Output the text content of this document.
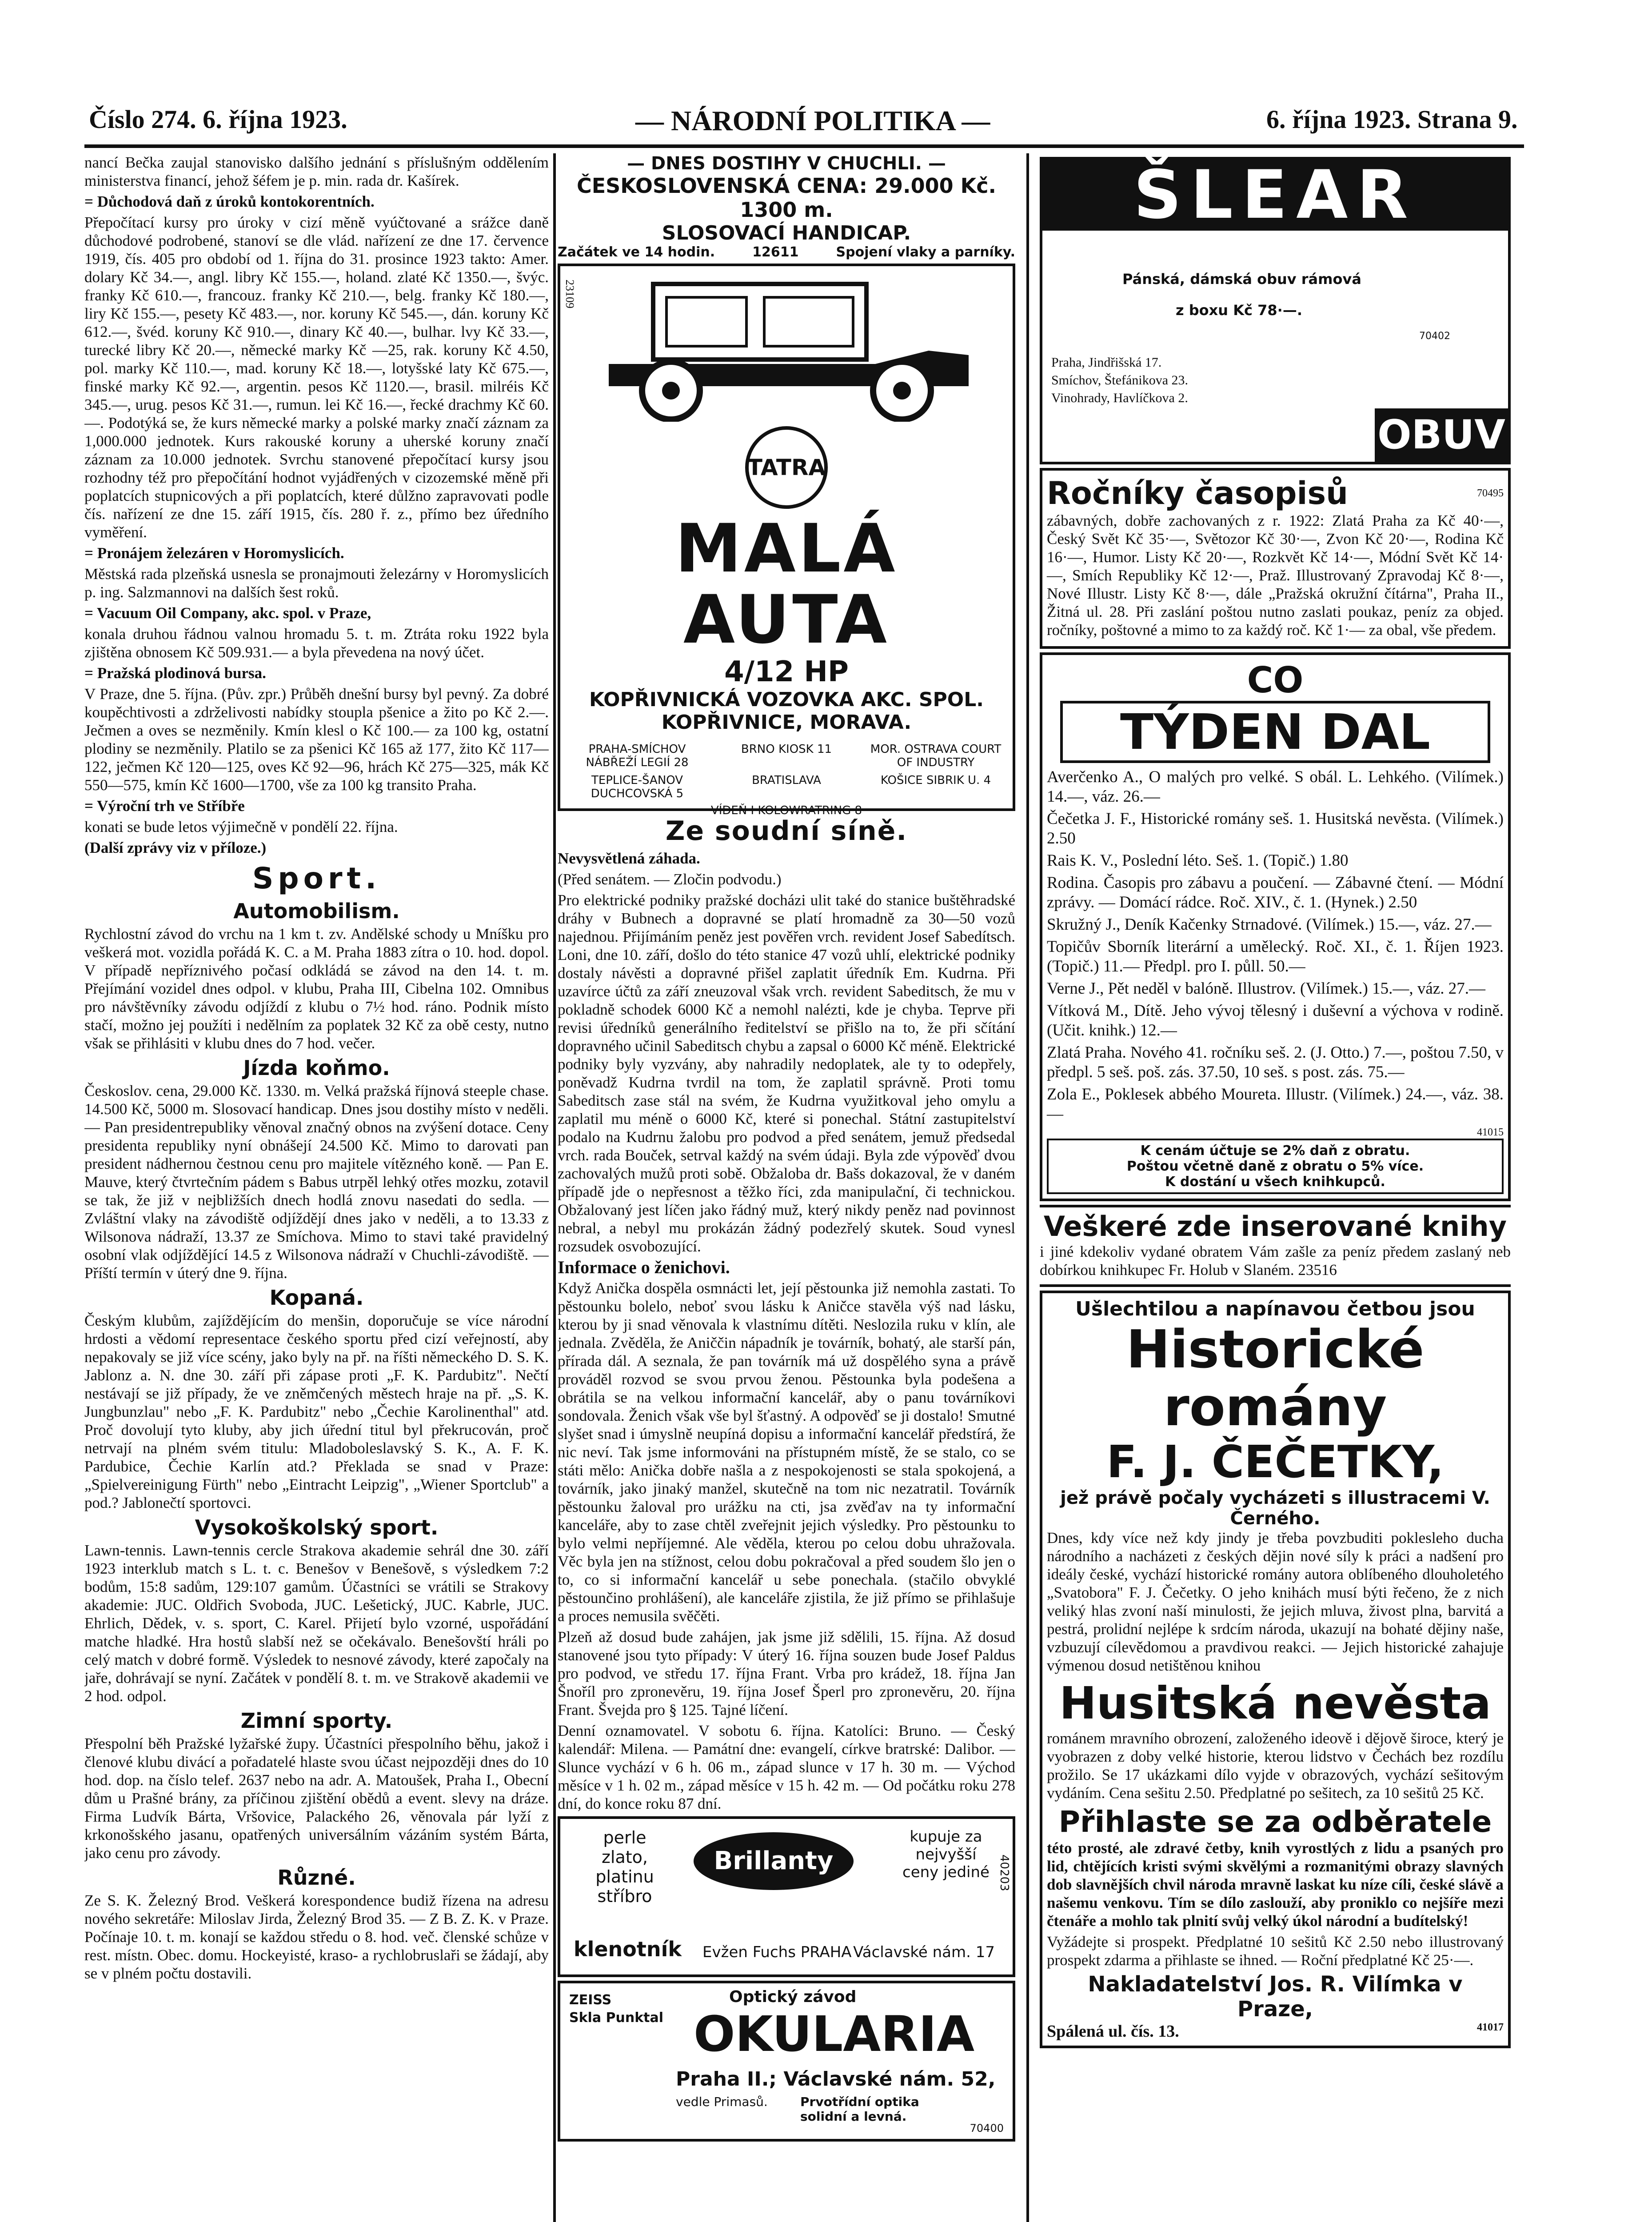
Číslo 274. 6. října 1923.	— NÁRODNÍ POLITIKA —	6. října 1923. Strana 9.

nancí Bečka zaujal stanovisko dalšího jednání s příslušným oddělením ministerstva financí, jehož šéfem je p. min. rada dr. Kašírek.

= Důchodová daň z úroků kontokorentních.

Přepočítací kursy pro úroky v cizí měně vyúčtované a srážce daně důchodové podrobené, stanoví se dle vlád. nařízení ze dne 17. července 1919, čís. 405 pro období od 1. října do 31. prosince 1923 takto: Amer. dolary Kč 34.—, angl. libry Kč 155.—, holand. zlaté Kč 1350.—, švýc. franky Kč 610.—, francouz. franky Kč 210.—, belg. franky Kč 180.—, liry Kč 155.—, pesety Kč 483.—, nor. koruny Kč 545.—, dán. koruny Kč 612.—, švéd. koruny Kč 910.—, dinary Kč 40.—, bulhar. lvy Kč 33.—, turecké libry Kč 20.—, německé marky Kč —25, rak. koruny Kč 4.50, pol. marky Kč 110.—, mad. koruny Kč 18.—, lotyšské laty Kč 675.—, finské marky Kč 92.—, argentin. pesos Kč 1120.—, brasil. milréis Kč 345.—, urug. pesos Kč 31.—, rumun. lei Kč 16.—, řecké drachmy Kč 60.—. Podotýká se, že kurs německé marky a polské marky značí záznam za 1,000.000 jednotek. Kurs rakouské koruny a uherské koruny značí záznam za 10.000 jednotek. Svrchu stanovené přepočítací kursy jsou rozhodny též pro přepočítání hodnot vyjádřených v cizozemské měně při poplatcích stupnicových a při poplatcích, které důlžno zapravovati podle čís. nařízení ze dne 15. září 1915, čís. 280 ř. z., přímo bez úředního vyměření.

= Pronájem železáren v Horomyslicích.

Městská rada plzeňská usnesla se pronajmouti železárny v Horomyslicích p. ing. Salzmannovi na dalších šest roků.

= Vacuum Oil Company, akc. spol. v Praze,

konala druhou řádnou valnou hromadu 5. t. m. Ztráta roku 1922 byla zjištěna obnosem Kč 509.931.— a byla převedena na nový účet.

= Pražská plodinová bursa.

V Praze, dne 5. října. (Pův. zpr.) Průběh dnešní bursy byl pevný. Za dobré koupěchtivosti a zdrželivosti nabídky stoupla pšenice a žito po Kč 2.—. Ječmen a oves se nezměnily. Kmín klesl o Kč 100.— za 100 kg, ostatní plodiny se nezměnily. Platilo se za pšenici Kč 165 až 177, žito Kč 117—122, ječmen Kč 120—125, oves Kč 92—96, hrách Kč 275—325, mák Kč 550—575, kmín Kč 1600—1700, vše za 100 kg transito Praha.

= Výroční trh ve Stříbře

konati se bude letos výjimečně v pondělí 22. října.

(Další zprávy viz v příloze.)

Sport.
Automobilism.

Rychlostní závod do vrchu na 1 km t. zv. Andělské schody u Mníšku pro veškerá mot. vozidla pořádá K. C. a M. Praha 1883 zítra o 10. hod. dopol. V případě nepříznivého počasí odkládá se závod na den 14. t. m. Přejímání vozidel dnes odpol. v klubu, Praha III, Cibelna 102. Omnibus pro návštěvníky závodu odjíždí z klubu o 7½ hod. ráno. Podnik místo stačí, možno jej použíti i nedělním za poplatek 32 Kč za obě cesty, nutno však se přihlásiti v klubu dnes do 7 hod. večer.

Jízda koňmo.

Českoslov. cena, 29.000 Kč. 1330. m. Velká pražská říjnová steeple chase. 14.500 Kč, 5000 m. Slosovací handicap. Dnes jsou dostihy místo v neděli. — Pan presidentrepubliky věnoval značný obnos na zvýšení dotace. Ceny presidenta republiky nyní obnášejí 24.500 Kč. Mimo to darovati pan president nádhernou čestnou cenu pro majitele vítězného koně. — Pan E. Mauve, který čtvrtečním pádem s Babus utrpěl lehký otřes mozku, zotavil se tak, že již v nejbližších dnech hodlá znovu nasedati do sedla. — Zvláštní vlaky na závodiště odjíždějí dnes jako v neděli, a to 13.33 z Wilsonova nádraží, 13.37 ze Smíchova. Mimo to stavi také pravidelný osobní vlak odjíždějící 14.5 z Wilsonova nádraží v Chuchli-závodiště. — Příští termín v úterý dne 9. října.

Kopaná.

Českým klubům, zajíždějícím do menšin, doporučuje se více národní hrdosti a vědomí representace českého sportu před cizí veřejností, aby nepakovaly se již více scény, jako byly na př. na říšti německého D. S. K. Jablonz a. N. dne 30. září při zápase proti „F. K. Pardubitz". Nečtí nestávají se již případy, že ve zněmčených městech hraje na př. „S. K. Jungbunzlau" nebo „F. K. Pardubitz" nebo „Čechie Karolinenthal" atd. Proč dovolují tyto kluby, aby jich úřední titul byl překrucován, proč netrvají na plném svém titulu: Mladoboleslavský S. K., A. F. K. Pardubice, Čechie Karlín atd.? Překlada se snad v Praze: „Spielvereinigung Fürth" nebo „Eintracht Leipzig", „Wiener Sportclub" a pod.? Jablonečtí sportovci.

Vysokoškolský sport.

Lawn-tennis. Lawn-tennis cercle Strakova akademie sehrál dne 30. září 1923 interklub match s L. t. c. Benešov v Benešově, s výsledkem 7:2 bodům, 15:8 sadům, 129:107 gamům. Účastníci se vrátili se Strakovy akademie: JUC. Oldřich Svoboda, JUC. Lešetický, JUC. Kabrle, JUC. Ehrlich, Dědek, v. s. sport, C. Karel. Přijetí bylo vzorné, uspořádání matche hladké. Hra hostů slabší než se očekávalo. Benešovští hráli po celý match v dobré formě. Výsledek to nesnové závody, které započaly na jaře, dohrávají se nyní. Začátek v pondělí 8. t. m. ve Strakově akademii ve 2 hod. odpol.

Zimní sporty.

Přespolní běh Pražské lyžařské župy. Účastníci přespolního běhu, jakož i členové klubu divácí a pořadatelé hlaste svou účast nejpozději dnes do 10 hod. dop. na číslo telef. 2637 nebo na adr. A. Matoušek, Praha I., Obecní dům u Prašné brány, za příčinou zjištění obědů a event. slevy na dráze. Firma Ludvík Bárta, Vršovice, Palackého 26, věnovala pár lyží z krkonošského jasanu, opatřených universálním vázáním systém Bárta, jako cenu pro závody.

Různé.

Ze S. K. Železný Brod. Veškerá korespondence budiž řízena na adresu nového sekretáře: Miloslav Jirda, Železný Brod 35. — Z B. Z. K. v Praze. Počínaje 10. t. m. konají se každou středu o 8. hod. več. členské schůze v rest. místn. Obec. domu. Hockeyisté, kraso- a rychlobruslaři se žádají, aby se v plném počtu dostavili.

— DNES DOSTIHY V CHUCHLI. —
ČESKOSLOVENSKÁ CENA: 29.000 Kč. 1300 m.
SLOSOVACÍ HANDICAP.
Začátek ve 14 hodin.	12611	Spojení vlaky a parníky.
23109
TATRA
MALÁ AUTA
4/12 HP
KOPŘIVNICKÁ VOZOVKA AKC. SPOL.
KOPŘIVNICE, MORAVA.
PRAHA-SMÍCHOV NÁBŘEŽÍ LEGIÍ 28
BRNO KIOSK 11	MOR. OSTRAVA COURT OF INDUSTRY
TEPLICE-ŠANOV DUCHCOVSKÁ 5
BRATISLAVA	KOŠICE SIBRIK U. 4
VÍDEŇ I KOLOWRATRING 8
Ze soudní síně.

Nevysvětlená záhada.

(Před senátem. — Zločin podvodu.)

Pro elektrické podniky pražské docházi ulit také do stanice buštěhradské dráhy v Bubnech a dopravné se platí hromadně za 30—50 vozů najednou. Přijímáním peněz jest pověřen vrch. revident Josef Sabedítsch. Loni, dne 10. září, došlo do této stanice 47 vozů uhlí, elektrické podniky dostaly návěsti a dopravné přišel zaplatit úředník Em. Kudrna. Při uzavírce účtů za září zneuzoval však vrch. revident Sabeditsch, že mu v pokladně schodek 6000 Kč a nemohl nalézti, kde je chyba. Teprve při revisi úředníků generálního ředitelství se přišlo na to, že při sčítání dopravného učinil Sabeditsch chybu a zapsal o 6000 Kč méně. Elektrické podniky byly vyzvány, aby nahradily nedoplatek, ale ty to odepřely, poněvadž Kudrna tvrdil na tom, že zaplatil správně. Proti tomu Sabeditsch zase stál na svém, že Kudrna využitkoval jeho omylu a zaplatil mu méně o 6000 Kč, které si ponechal. Státní zastupitelství podalo na Kudrnu žalobu pro podvod a před senátem, jemuž předsedal vrch. rada Bouček, setrval každý na svém údaji. Byla zde výpověď dvou zachovalých mužů proti sobě. Obžaloba dr. Bašs dokazoval, že v daném případě jde o nepřesnost a těžko říci, zda manipulační, či technickou. Obžalovaný jest líčen jako řádný muž, který nikdy peněz nad povinnost nebral, a nebyl mu prokázán žádný podezřelý skutek. Soud vynesl rozsudek osvobozující.

Informace o ženichovi.

Když Anička dospěla osmnácti let, její pěstounka již nemohla zastati. To pěstounku bolelo, neboť svou lásku k Aničce stavěla výš nad lásku, kterou by ji snad věnovala k vlastnímu dítěti. Neslozila ruku v klín, ale jednala. Zvěděla, že Aniččin nápadník je továrník, bohatý, ale starší pán, přírada dál. A seznala, že pan továrník má už dospělého syna a právě prováděl rozvod se svou prvou ženou. Pěstounka byla podešena a obrátila se na velkou informační kancelář, aby o panu továrníkovi sondovala. Ženich však vše byl šťastný. A odpověď se ji dostalo! Smutné slyšet snad i úmyslně neupíná dopisu a informační kancelář předstírá, že nic neví. Tak jsme informováni na přístupném místě, že se stalo, co se státi mělo: Anička dobře našla a z nespokojenosti se stala spokojená, a továrník, jako jinaký manžel, skutečně na tom nic nezatratil. Továrník pěstounku žaloval pro urážku na cti, jsa zvěďav na ty informační kanceláře, aby to zase chtěl zveřejnit jejich výsledky. Pro pěstounku to bylo velmi nepříjemné. Ale věděla, kterou po celou dobu uhražovala. Věc byla jen na stížnost, celou dobu pokračoval a před soudem šlo jen o to, co si informační kancelář u sebe ponechala. (stačilo obvyklé pěstounčino prohlášení), ale kanceláře zjistila, že již přímo se přihlašuje a proces nemusila svěčěti.

Plzeň až dosud bude zahájen, jak jsme již sdělili, 15. října. Až dosud stanovené jsou tyto případy: V úterý 16. října souzen bude Josef Paldus pro podvod, ve středu 17. října Frant. Vrba pro krádež, 18. října Jan Šnoříl pro zpronevěru, 19. října Josef Šperl pro zpronevěru, 20. října Frant. Švejda pro § 125. Tajné líčení.

Denní oznamovatel. V sobotu 6. října. Katolíci: Bruno. — Český kalendář: Milena. — Památní dne: evangelí, církve bratrské: Dalibor. — Slunce vychází v 6 h. 06 m., západ slunce v 17 h. 30 m. — Východ měsíce v 1 h. 02 m., západ měsíce v 15 h. 42 m. — Od počátku roku 278 dní, do konce roku 87 dní.

perle
zlato, platinu stříbro
Brillanty
kupuje za nejvyšší ceny jediné
klenotník Evžen Fuchs PRAHA Václavské nám. 17
40203
ZEISS
Skla Punktal
Optický závod
OKULARIA
Praha II.; Václavské nám. 52,
vedle Primasů.	Prvotřídní optika solidní a levná.
70400
ŠLEAR
Pánská, dámská obuv rámová
z boxu Kč 78·—.
70402
Praha, Jindřišská 17.
Smíchov, Štefánikova 23.
Vinohrady, Havlíčkova 2.
OBUV
Ročníky časopisů	70495

zábavných, dobře zachovaných z r. 1922: Zlatá Praha za Kč 40·—, Český Svět Kč 35·—, Světozor Kč 30·—, Zvon Kč 20·—, Rodina Kč 16·—, Humor. Listy Kč 20·—, Rozkvět Kč 14·—, Módní Svět Kč 14·—, Smích Republiky Kč 12·—, Praž. Illustrovaný Zpravodaj Kč 8·—, Nové Illustr. Listy Kč 8·—, dále „Pražská okružní čítárna", Praha II., Žitná ul. 28. Při zaslání poštou nutno zaslati poukaz, peníz za objed. ročníky, poštovné a mimo to za každý roč. Kč 1·— za obal, vše předem.

CO
TÝDEN DAL

Averčenko A., O malých pro velké. S obál. L. Lehkého. (Vilímek.) 14.—, váz. 26.—

Čečetka J. F., Historické romány seš. 1. Husitská nevěsta. (Vilímek.) 2.50

Rais K. V., Poslední léto. Seš. 1. (Topič.) 1.80

Rodina. Časopis pro zábavu a poučení. — Zábavné čtení. — Módní zprávy. — Domácí rádce. Roč. XIV., č. 1. (Hynek.) 2.50

Skružný J., Deník Kačenky Strnadové. (Vilímek.) 15.—, váz. 27.—

Topičův Sborník literární a umělecký. Roč. XI., č. 1. Říjen 1923. (Topič.) 11.— Předpl. pro I. půll. 50.—

Verne J., Pět neděl v balóně. Illustrov. (Vilímek.) 15.—, váz. 27.—

Vítková M., Dítě. Jeho vývoj tělesný i duševní a výchova v rodině. (Učit. knihk.) 12.—

Zlatá Praha. Nového 41. ročníku seš. 2. (J. Otto.) 7.—, poštou 7.50, v předpl. 5 seš. poš. zás. 37.50, 10 seš. s post. zás. 75.—

Zola E., Poklesek abbého Moureta. Illustr. (Vilímek.) 24.—, váz. 38.—

41015
K cenám účtuje se 2% daň z obratu.
Poštou včetně daně z obratu o 5% více.
K dostání u všech knihkupců.
Veškeré zde inserované knihy

i jiné kdekoliv vydané obratem Vám zašle za peníz předem zaslaný neb dobírkou knihkupec Fr. Holub v Slaném. 23516

Ušlechtilou a napínavou četbou jsou
Historické romány
F. J. ČEČETKY,
jež právě počaly vycházeti s illustracemi V. Černého.

Dnes, kdy více než kdy jindy je třeba povzbuditi poklesleho ducha národního a nacházeti z českých dějin nové síly k práci a nadšení pro ideály české, vychází historické romány autora oblíbeného dlouholetého „Svatobora" F. J. Čečetky. O jeho knihách musí býti řečeno, že z nich veliký hlas zvoní naší minulosti, že jejich mluva, živost plna, barvitá a pestrá, prolidní nejlépe k srdcím národa, ukazují na bohaté dějiny naše, vzbuzují cílevědomou a pravdivou reakci. — Jejich historické zahajuje výmenou dosud netištěnou knihou

Husitská nevěsta

románem mravního obrození, založeného ideově i dějově široce, který je vyobrazen z doby velké historie, kterou lidstvo v Čechách bez rozdílu prožilo. Se 17 ukázkami dílo vyjde v obrazových, vychází sešitovým vydáním. Cena sešitu 2.50. Předplatné po sešitech, za 10 sešitů 25 Kč.

Přihlaste se za odběratele

této prosté, ale zdravé četby, knih vyrostlých z lidu a psaných pro lid, chtějících kristi svými skvělými a rozmanitými obrazy slavných dob slavnějších chvil národa mravně laskat ku níze cíli, české slávě a našemu venkovu. Tím se dílo zaslouží, aby proniklo co nejšíře mezi čtenáře a mohlo tak plnití svůj velký úkol národní a budítelský!

Vyžádejte si prospekt. Předplatné 10 sešitů Kč 2.50 nebo illustrovaný prospekt zdarma a přihlaste se ihned. — Roční předplatné Kč 25·—.

Nakladatelství Jos. R. Vilímka v Praze,
Spálená ul. čís. 13.	41017
